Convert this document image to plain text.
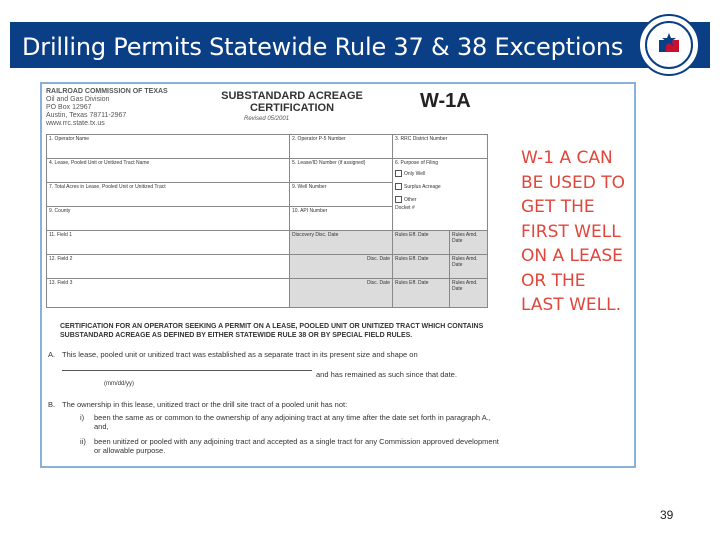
Drilling Permits Statewide Rule 37 & 38 Exceptions
RAILROAD COMMISSION OF TEXAS
Oil and Gas Division
PO Box 12967
Austin, Texas 78711-2967
www.rrc.state.tx.us
SUBSTANDARD ACREAGE CERTIFICATION
Revised 05/2001
W-1A
1. Operator Name	2. Operator P-5 Number	3. RRC District Number	
4. Lease, Pooled Unit or Unitized Tract Name	5. Lease/ID Number (if assigned)	6. Purpose of Filing
Only Well
Surplus Acreage
Other
Docket #	

7. Total Acres in Lease, Pooled Unit or Unitized Tract	9. Well Number		
9. County	10. API Number		
11. Field 1	Discovery Disc. Date	Rules Eff. Date	Rules Amd. Date
12. Field 2	Disc. Date	Rules Eff. Date	Rules Amd. Date
13. Field 3	Disc. Date	Rules Eff. Date	Rules Amd. Date
W-1 A CAN BE USED TO GET THE FIRST WELL ON A LEASE OR THE LAST WELL.
CERTIFICATION FOR AN OPERATOR SEEKING A PERMIT ON A LEASE, POOLED UNIT OR UNITIZED TRACT WHICH CONTAINS SUBSTANDARD ACREAGE AS DEFINED BY EITHER STATEWIDE RULE 38 OR BY SPECIAL FIELD RULES.
A. This lease, pooled unit or unitized tract was established as a separate tract in its present size and shape on
and has remained as such since that date.
(mm/dd/yy)
B. The ownership in this lease, unitized tract or the drill site tract of a pooled unit has not:
i) been the same as or common to the ownership of any adjoining tract at any time after the date set forth in paragraph A., and,
ii) been unitized or pooled with any adjoining tract and accepted as a single tract for any Commission approved development or allowable purpose.
39
